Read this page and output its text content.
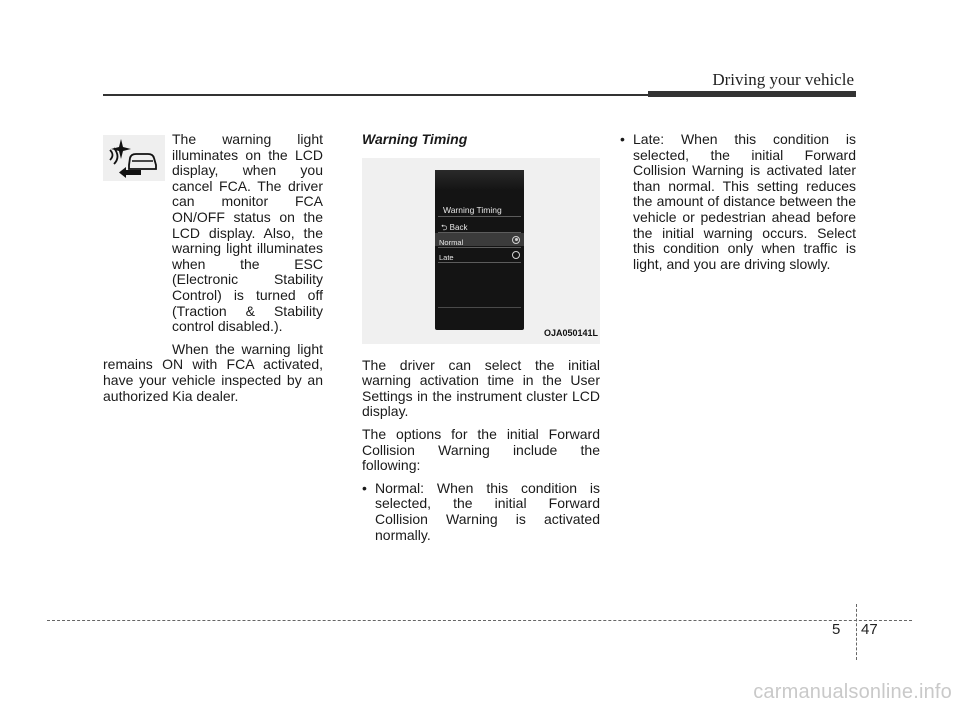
Driving your vehicle

The warning light illuminates on the LCD display, when you cancel FCA. The driver can monitor FCA ON/OFF status on the LCD display. Also, the warning light illuminates when the ESC (Electronic Stability Control) is turned off (Traction & Stability control disabled.).

When the warning light remains ON with FCA activated, have your vehicle inspected by an authorized Kia dealer.

Warning Timing
Warning Timing
⮌ Back
Normal
Late
OJA050141L

The driver can select the initial warning activation time in the User Settings in the instrument cluster LCD display.

The options for the initial Forward Collision Warning include the following:

• Normal: When this condition is selected, the initial Forward Collision Warning is activated normally.
• Late: When this condition is selected, the initial Forward Collision Warning is activated later than normal. This setting reduces the amount of distance between the vehicle or pedestrian ahead before the initial warning occurs. Select this condition only when traffic is light, and you are driving slowly.
5 47
carmanualsonline.info
